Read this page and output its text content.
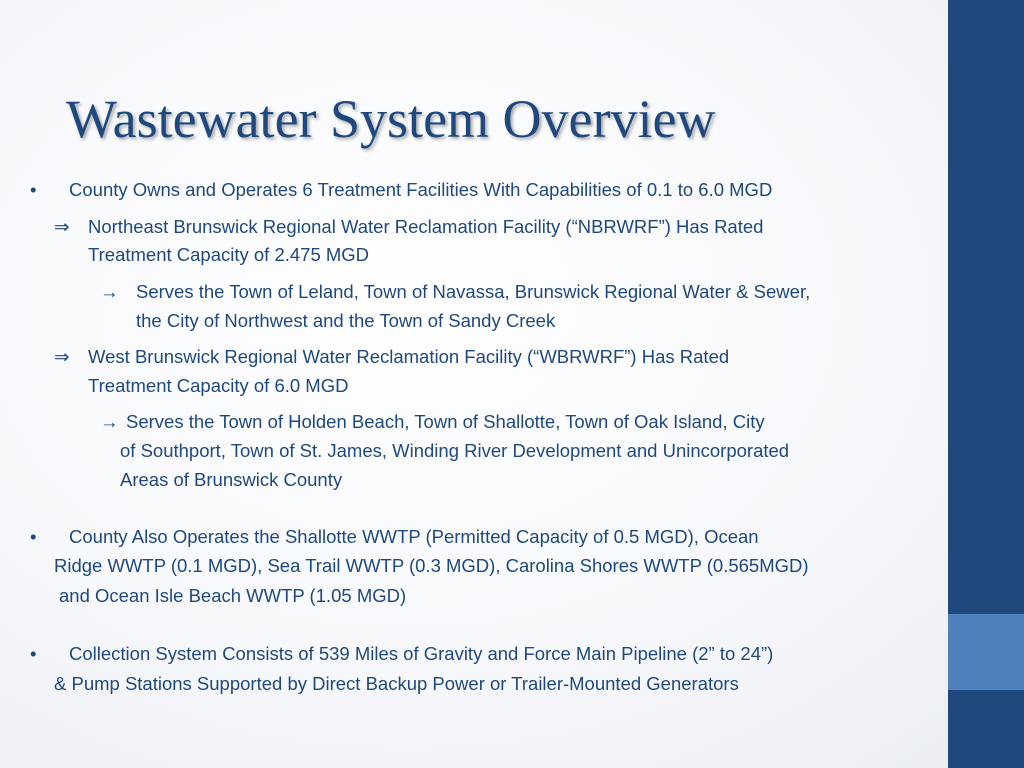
Wastewater System Overview
• County Owns and Operates 6 Treatment Facilities With Capabilities of 0.1 to 6.0 MGD
⇒ Northeast Brunswick Regional Water Reclamation Facility (“NBRWRF”) Has Rated
Treatment Capacity of 2.475 MGD
→ Serves the Town of Leland, Town of Navassa, Brunswick Regional Water & Sewer,
the City of Northwest and the Town of Sandy Creek
⇒ West Brunswick Regional Water Reclamation Facility (“WBRWRF”) Has Rated
Treatment Capacity of 6.0 MGD
→ Serves the Town of Holden Beach, Town of Shallotte, Town of Oak Island, City
of Southport, Town of St. James, Winding River Development and Unincorporated
Areas of Brunswick County
• County Also Operates the Shallotte WWTP (Permitted Capacity of 0.5 MGD), Ocean
Ridge WWTP (0.1 MGD), Sea Trail WWTP (0.3 MGD), Carolina Shores WWTP (0.565MGD)
and Ocean Isle Beach WWTP (1.05 MGD)
• Collection System Consists of 539 Miles of Gravity and Force Main Pipeline (2” to 24”)
& Pump Stations Supported by Direct Backup Power or Trailer-Mounted Generators
